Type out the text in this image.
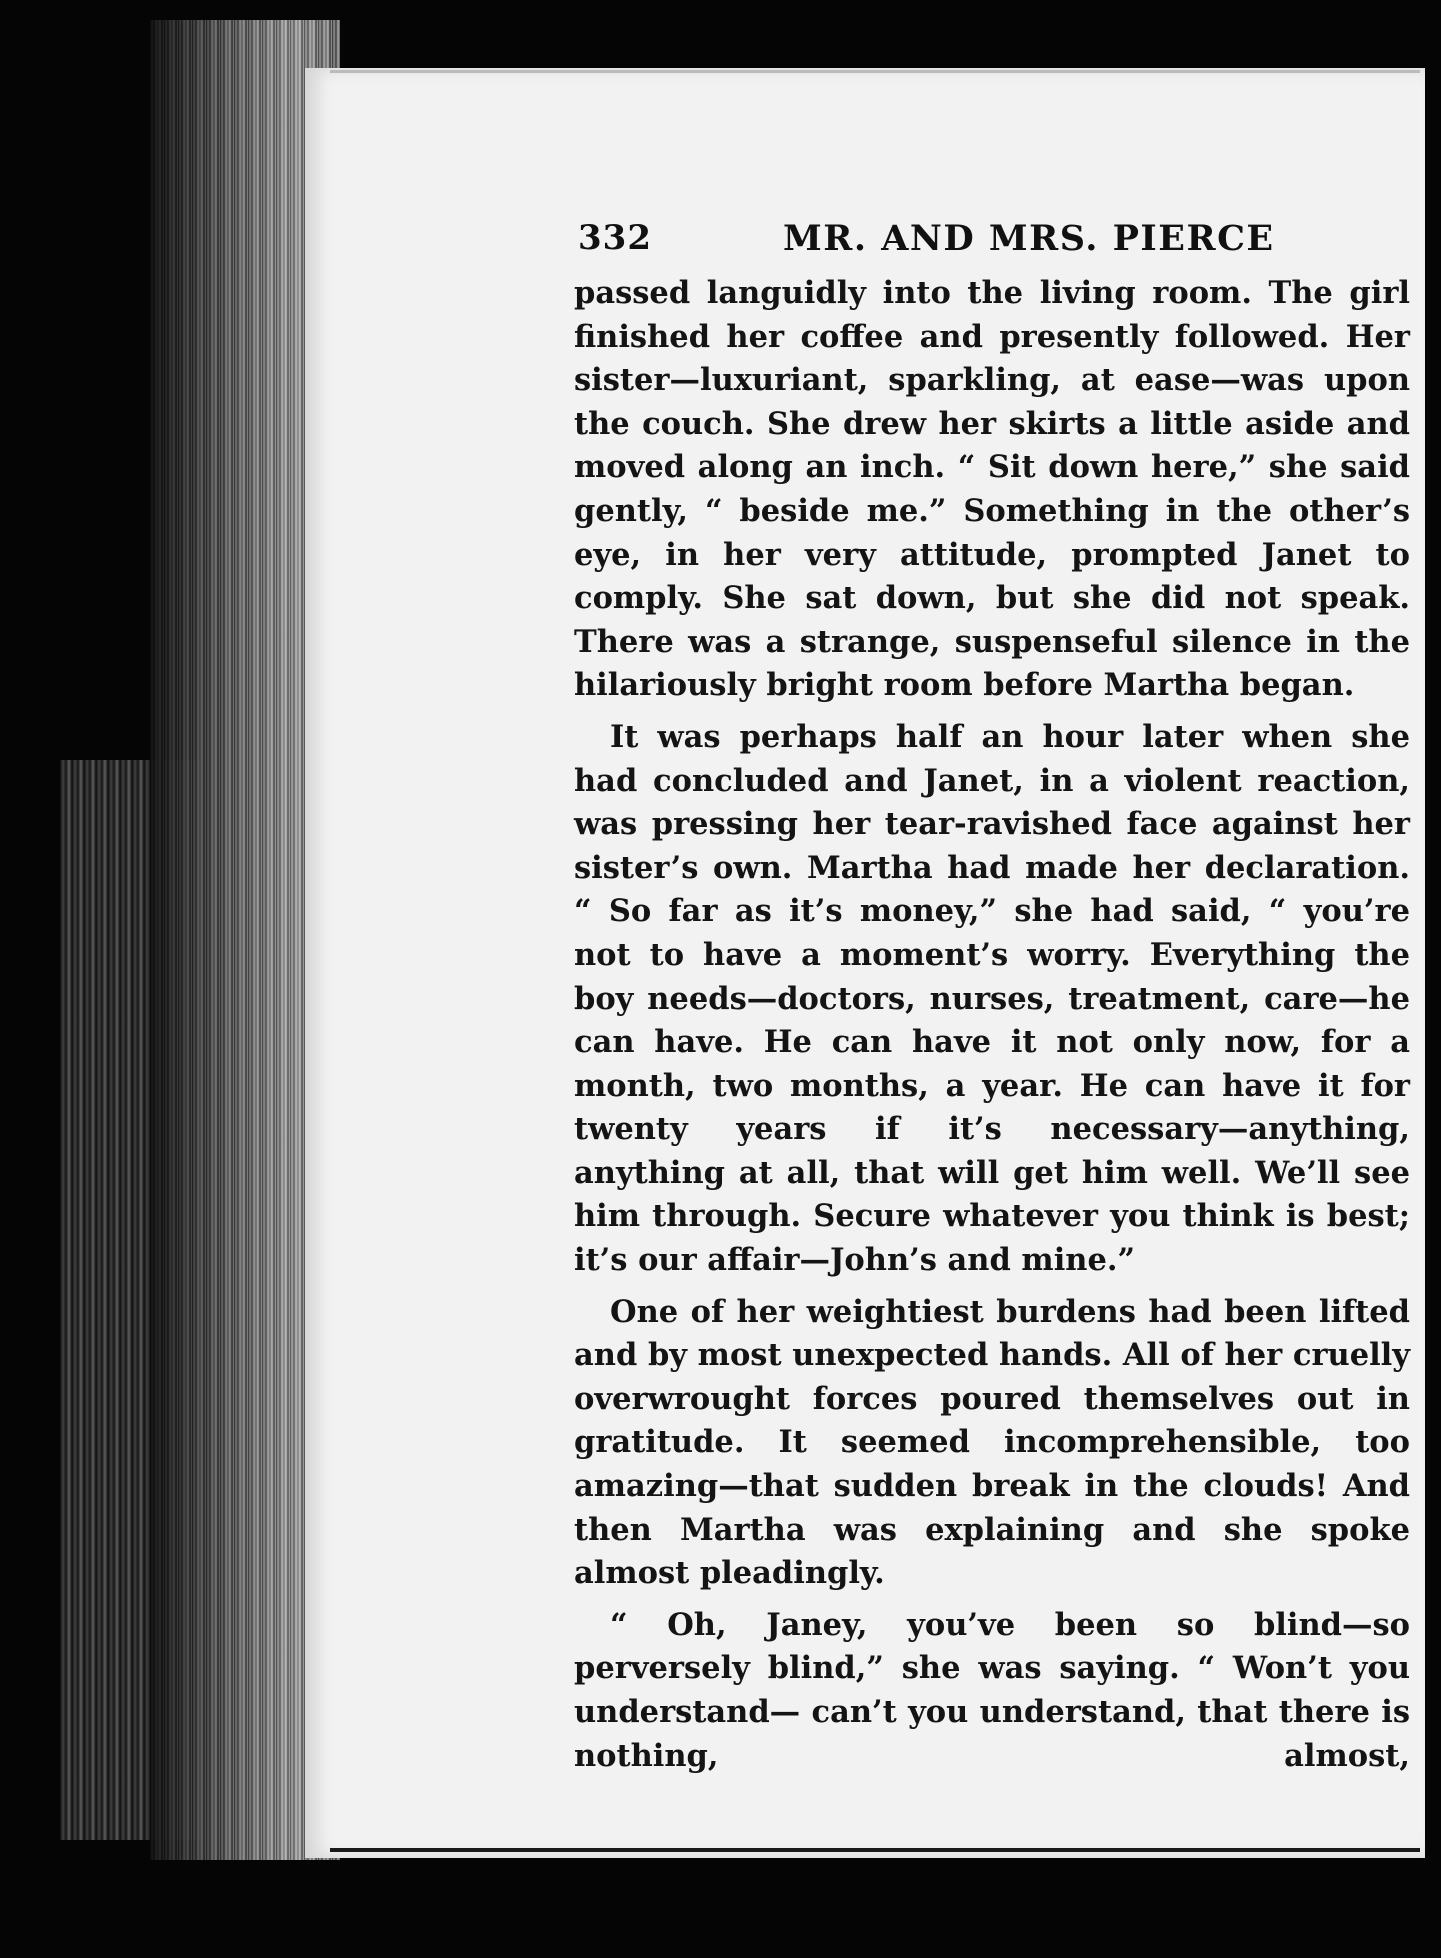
332	MR. AND MRS. PIERCE

passed languidly into the living room. The girl finished her coffee and presently followed. Her sister—luxuriant, sparkling, at ease—was upon the couch. She drew her skirts a little aside and moved along an inch. “ Sit down here,” she said gently, “ beside me.” Something in the other’s eye, in her very attitude, prompted Janet to comply. She sat down, but she did not speak. There was a strange, suspenseful silence in the hilariously bright room before Martha began.

It was perhaps half an hour later when she had concluded and Janet, in a violent reaction, was pressing her tear-ravished face against her sister’s own. Martha had made her declaration. “ So far as it’s money,” she had said, “ you’re not to have a moment’s worry. Everything the boy needs—doctors, nurses, treatment, care—he can have. He can have it not only now, for a month, two months, a year. He can have it for twenty years if it’s necessary—anything, anything at all, that will get him well. We’ll see him through. Secure whatever you think is best; it’s our affair—John’s and mine.”

One of her weightiest burdens had been lifted and by most unexpected hands. All of her cruelly overwrought forces poured themselves out in gratitude. It seemed incomprehensible, too amazing—that sudden break in the clouds! And then Martha was explaining and she spoke almost pleadingly.

“ Oh, Janey, you’ve been so blind—so perversely blind,” she was saying. “ Won’t you understand— can’t you understand, that there is nothing, almost,
